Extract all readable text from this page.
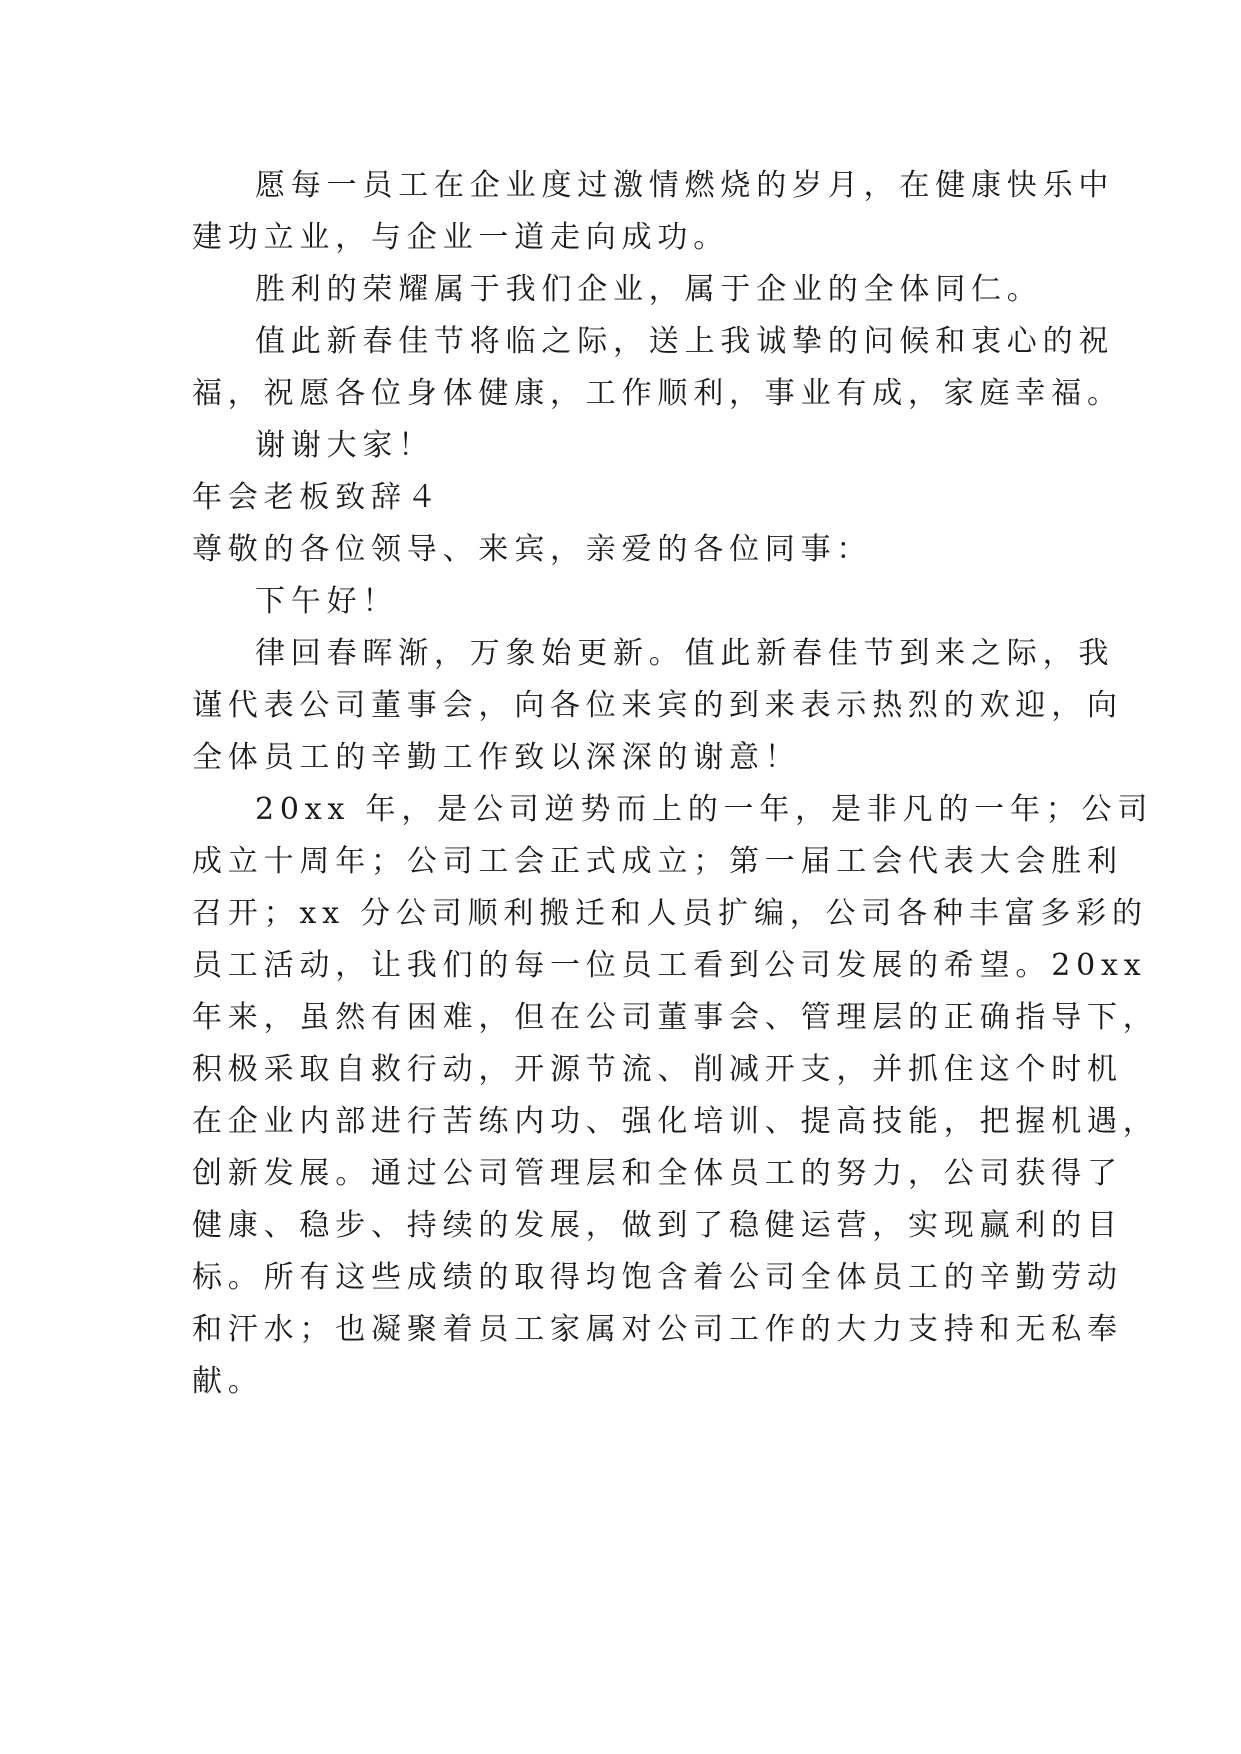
愿每一员工在企业度过激情燃烧的岁月，在健康快乐中
建功立业，与企业一道走向成功。
胜利的荣耀属于我们企业，属于企业的全体同仁。
值此新春佳节将临之际，送上我诚挚的问候和衷心的祝
福，祝愿各位身体健康，工作顺利，事业有成，家庭幸福。
谢谢大家！
年会老板致辞４
尊敬的各位领导、来宾，亲爱的各位同事：
下午好！
律回春晖渐，万象始更新。值此新春佳节到来之际，我
谨代表公司董事会，向各位来宾的到来表示热烈的欢迎，向
全体员工的辛勤工作致以深深的谢意！
20xx 年，是公司逆势而上的一年，是非凡的一年；公司
成立十周年；公司工会正式成立；第一届工会代表大会胜利
召开；xx 分公司顺利搬迁和人员扩编，公司各种丰富多彩的
员工活动，让我们的每一位员工看到公司发展的希望。20xx
年来，虽然有困难，但在公司董事会、管理层的正确指导下，
积极采取自救行动，开源节流、削减开支，并抓住这个时机
在企业内部进行苦练内功、强化培训、提高技能，把握机遇，
创新发展。通过公司管理层和全体员工的努力，公司获得了
健康、稳步、持续的发展，做到了稳健运营，实现赢利的目
标。所有这些成绩的取得均饱含着公司全体员工的辛勤劳动
和汗水；也凝聚着员工家属对公司工作的大力支持和无私奉
献。
